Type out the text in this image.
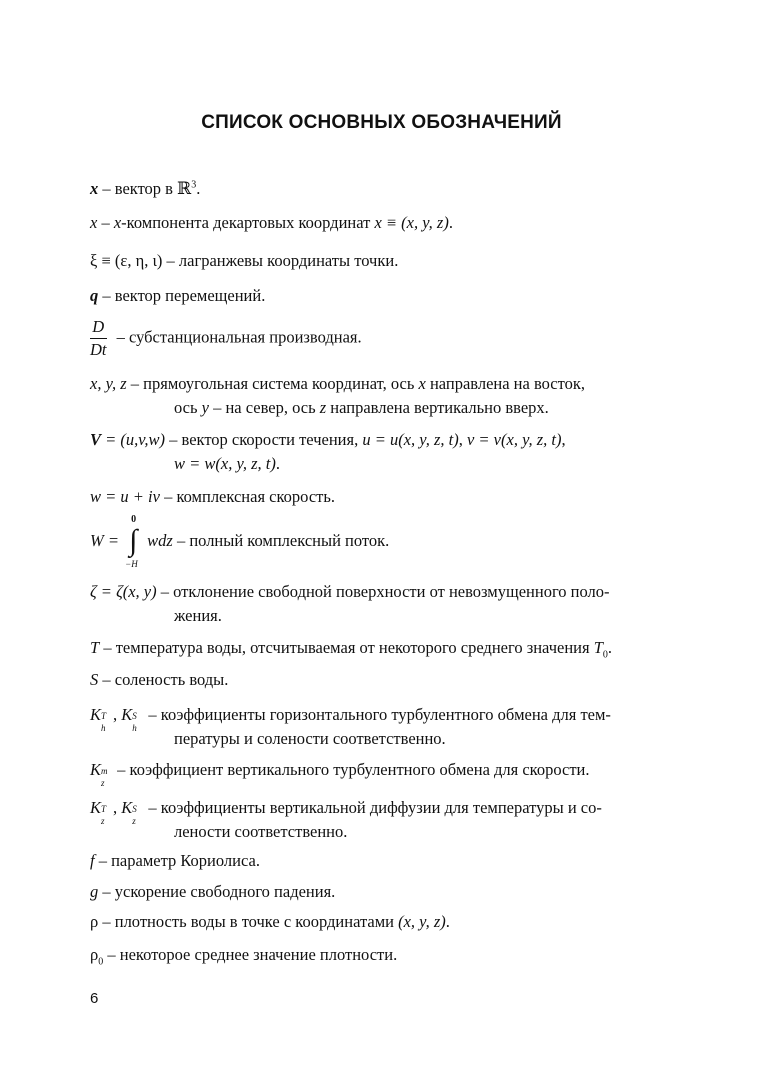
СПИСОК ОСНОВНЫХ ОБОЗНАЧЕНИЙ
x – вектор в ℝ$^3$.
x – x-компонента декартовых координат x ≡ (x, y, z).
ξ ≡ (ε, η, ι) – лагранжевы координаты точки.
q – вектор перемещений.
$\frac{D}{Dt}$ – субстанциональная производная.
x, y, z – прямоугольная система координат, ось x направлена на восток,
ось y – на север, ось z направлена вертикально вверх.
V = (u,v,w) – вектор скорости течения, u = u(x, y, z, t), v = v(x, y, z, t),
w = w(x, y, z, t).
w = u + iv – комплексная скорость.
W =
0
∫
−H
wdz – полный комплексный поток.
ζ = ζ(x, y) – отклонение свободной поверхности от невозмущенного поло-
жения.
T – температура воды, отсчитываемая от некоторого среднего значения $T_0$.
S – соленость воды.
K T
h
, K S
h
– коэффициенты горизонтального турбулентного обмена для тем-
пературы и солености соответственно.
K m
z
– коэффициент вертикального турбулентного обмена для скорости.
K T
z
, K S
z
– коэффициенты вертикальной диффузии для температуры и со-
лености соответственно.
f – параметр Кориолиса.
g – ускорение свободного падения.
ρ – плотность воды в точке с координатами (x, y, z).
$\rho_0$ – некоторое среднее значение плотности.
6
